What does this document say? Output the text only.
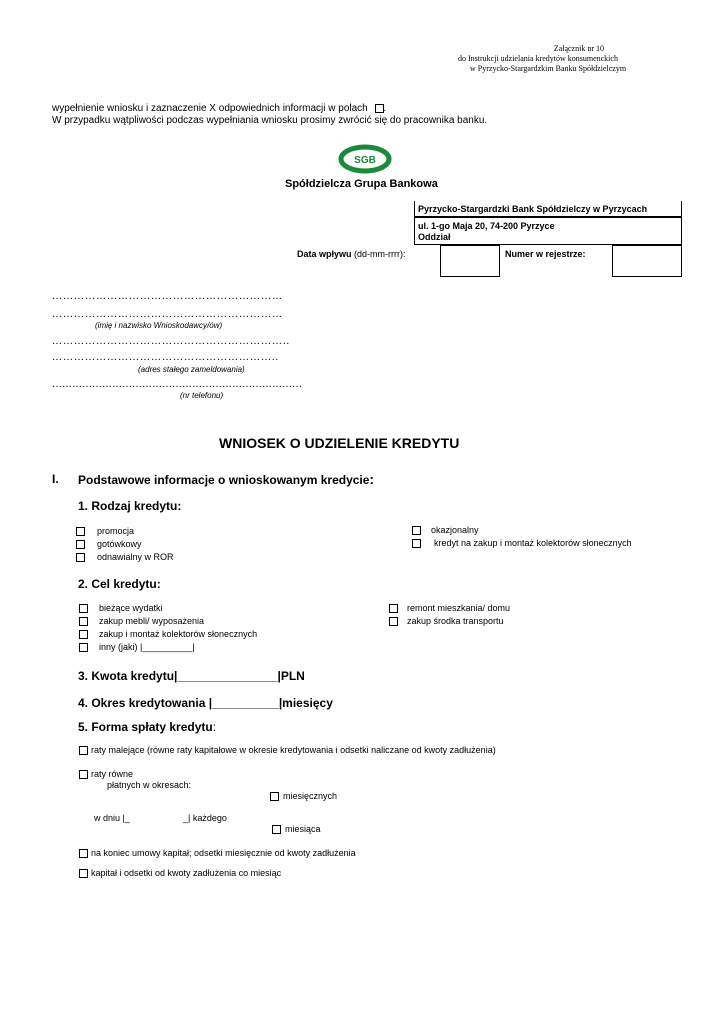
Załącznik nr 10
do Instrukcji udzielania kredytów konsumenckich
w Pyrzycko-Stargardzkim Banku Spółdzielczym
wypełnienie wniosku i zaznaczenie X odpowiednich informacji w polach .
W przypadku wątpliwości podczas wypełniania wniosku prosimy zwrócić się do pracownika banku.
SGB
Spółdzielcza Grupa Bankowa
Pyrzycko-Stargardzki Bank Spółdzielczy w Pyrzycach
ul. 1-go Maja 20, 74-200 Pyrzyce
Oddział
Data wpływu (dd-mm-rrrr):	Numer w rejestrze:
………………………………………………………
………………………………………………………
(imię i nazwisko Wnioskodawcy/ów)
………………………………………………………..
……………………………………………………..
(adres stałego zameldowania)
…………………………………………………………………
(nr telefonu)
WNIOSEK O UDZIELENIE KREDYTU
I. Podstawowe informacje o wnioskowanym kredycie:
1. Rodzaj kredytu:
promocja
gotówkowy
odnawialny w ROR
okazjonalny
kredyt na zakup i montaż kolektorów słonecznych
2. Cel kredytu:
bieżące wydatki
zakup mebli/ wyposażenia
zakup i montaż kolektorów słonecznych
inny (jaki) |__________|
remont mieszkania/ domu
zakup środka transportu
3. Kwota kredytu|_______________|PLN
4. Okres kredytowania |__________|miesięcy
5. Forma spłaty kredytu:
raty malejące (równe raty kapitałowe w okresie kredytowania i odsetki naliczane od kwoty zadłużenia)
raty równe
płatnych w okresach:
miesięcznych
w dniu |_	_| każdego
miesiąca
na koniec umowy kapitał; odsetki miesięcznie od kwoty zadłużenia
kapitał i odsetki od kwoty zadłużenia co miesiąc
